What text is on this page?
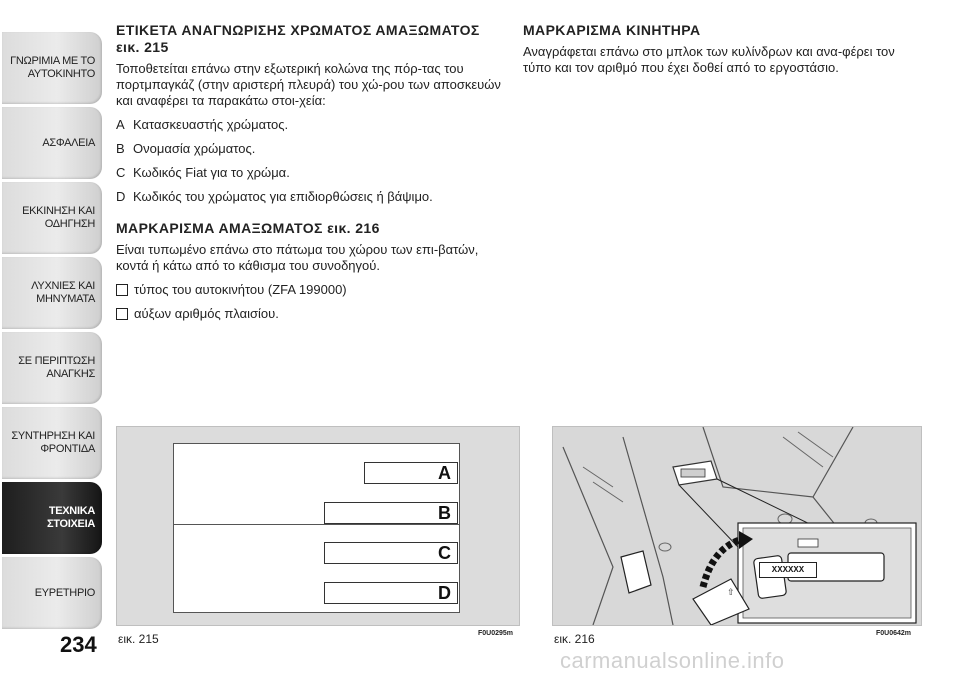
ΓΝΩΡΙΜΙΑ ΜΕ ΤΟ
ΑΥΤΟΚΙΝΗΤΟ
ΑΣΦΑΛΕΙΑ
ΕΚΚΙΝΗΣΗ ΚΑΙ
ΟΔΗΓΗΣΗ
ΛΥΧΝΙΕΣ ΚΑΙ
ΜΗΝΥΜΑΤΑ
ΣΕ ΠΕΡΙΠΤΩΣΗ
ΑΝΑΓΚΗΣ
ΣΥΝΤΗΡΗΣΗ ΚΑΙ
ΦΡΟΝΤΙΔΑ
ΤΕΧΝΙΚΑ ΣΤΟΙΧΕΙΑ
ΕΥΡΕΤΗΡΙΟ
234
ΕΤΙΚΕΤΑ ΑΝΑΓΝΩΡΙΣΗΣ ΧΡΩΜΑΤΟΣ ΑΜΑΞΩΜΑΤΟΣ εικ. 215

Τοποθετείται επάνω στην εξωτερική κολώνα της πόρ-τας του πορτμπαγκάζ (στην αριστερή πλευρά) του χώ-ρου των αποσκευών και αναφέρει τα παρακάτω στοι-χεία:

A Κατασκευαστής χρώματος.

B Ονομασία χρώματος.

C Κωδικός Fiat για το χρώμα.

D Κωδικός του χρώματος για επιδιορθώσεις ή βάψιμο.

ΜΑΡΚΑΡΙΣΜΑ ΑΜΑΞΩΜΑΤΟΣ εικ. 216

Είναι τυπωμένο επάνω στο πάτωμα του χώρου των επι-βατών, κοντά ή κάτω από το κάθισμα του συνοδηγού.

τύπος του αυτοκινήτου (ZFA 199000)

αύξων αριθμός πλαισίου.

ΜΑΡΚΑΡΙΣΜΑ ΚΙΝΗΤΗΡΑ

Αναγράφεται επάνω στο μπλοκ των κυλίνδρων και ανα-φέρει τον τύπο και τον αριθμό που έχει δοθεί από το εργοστάσιο.

A
B
C
D
εικ. 215	F0U0295m
⇧
XXXXXX
εικ. 216	F0U0642m
carmanualsonline.info
